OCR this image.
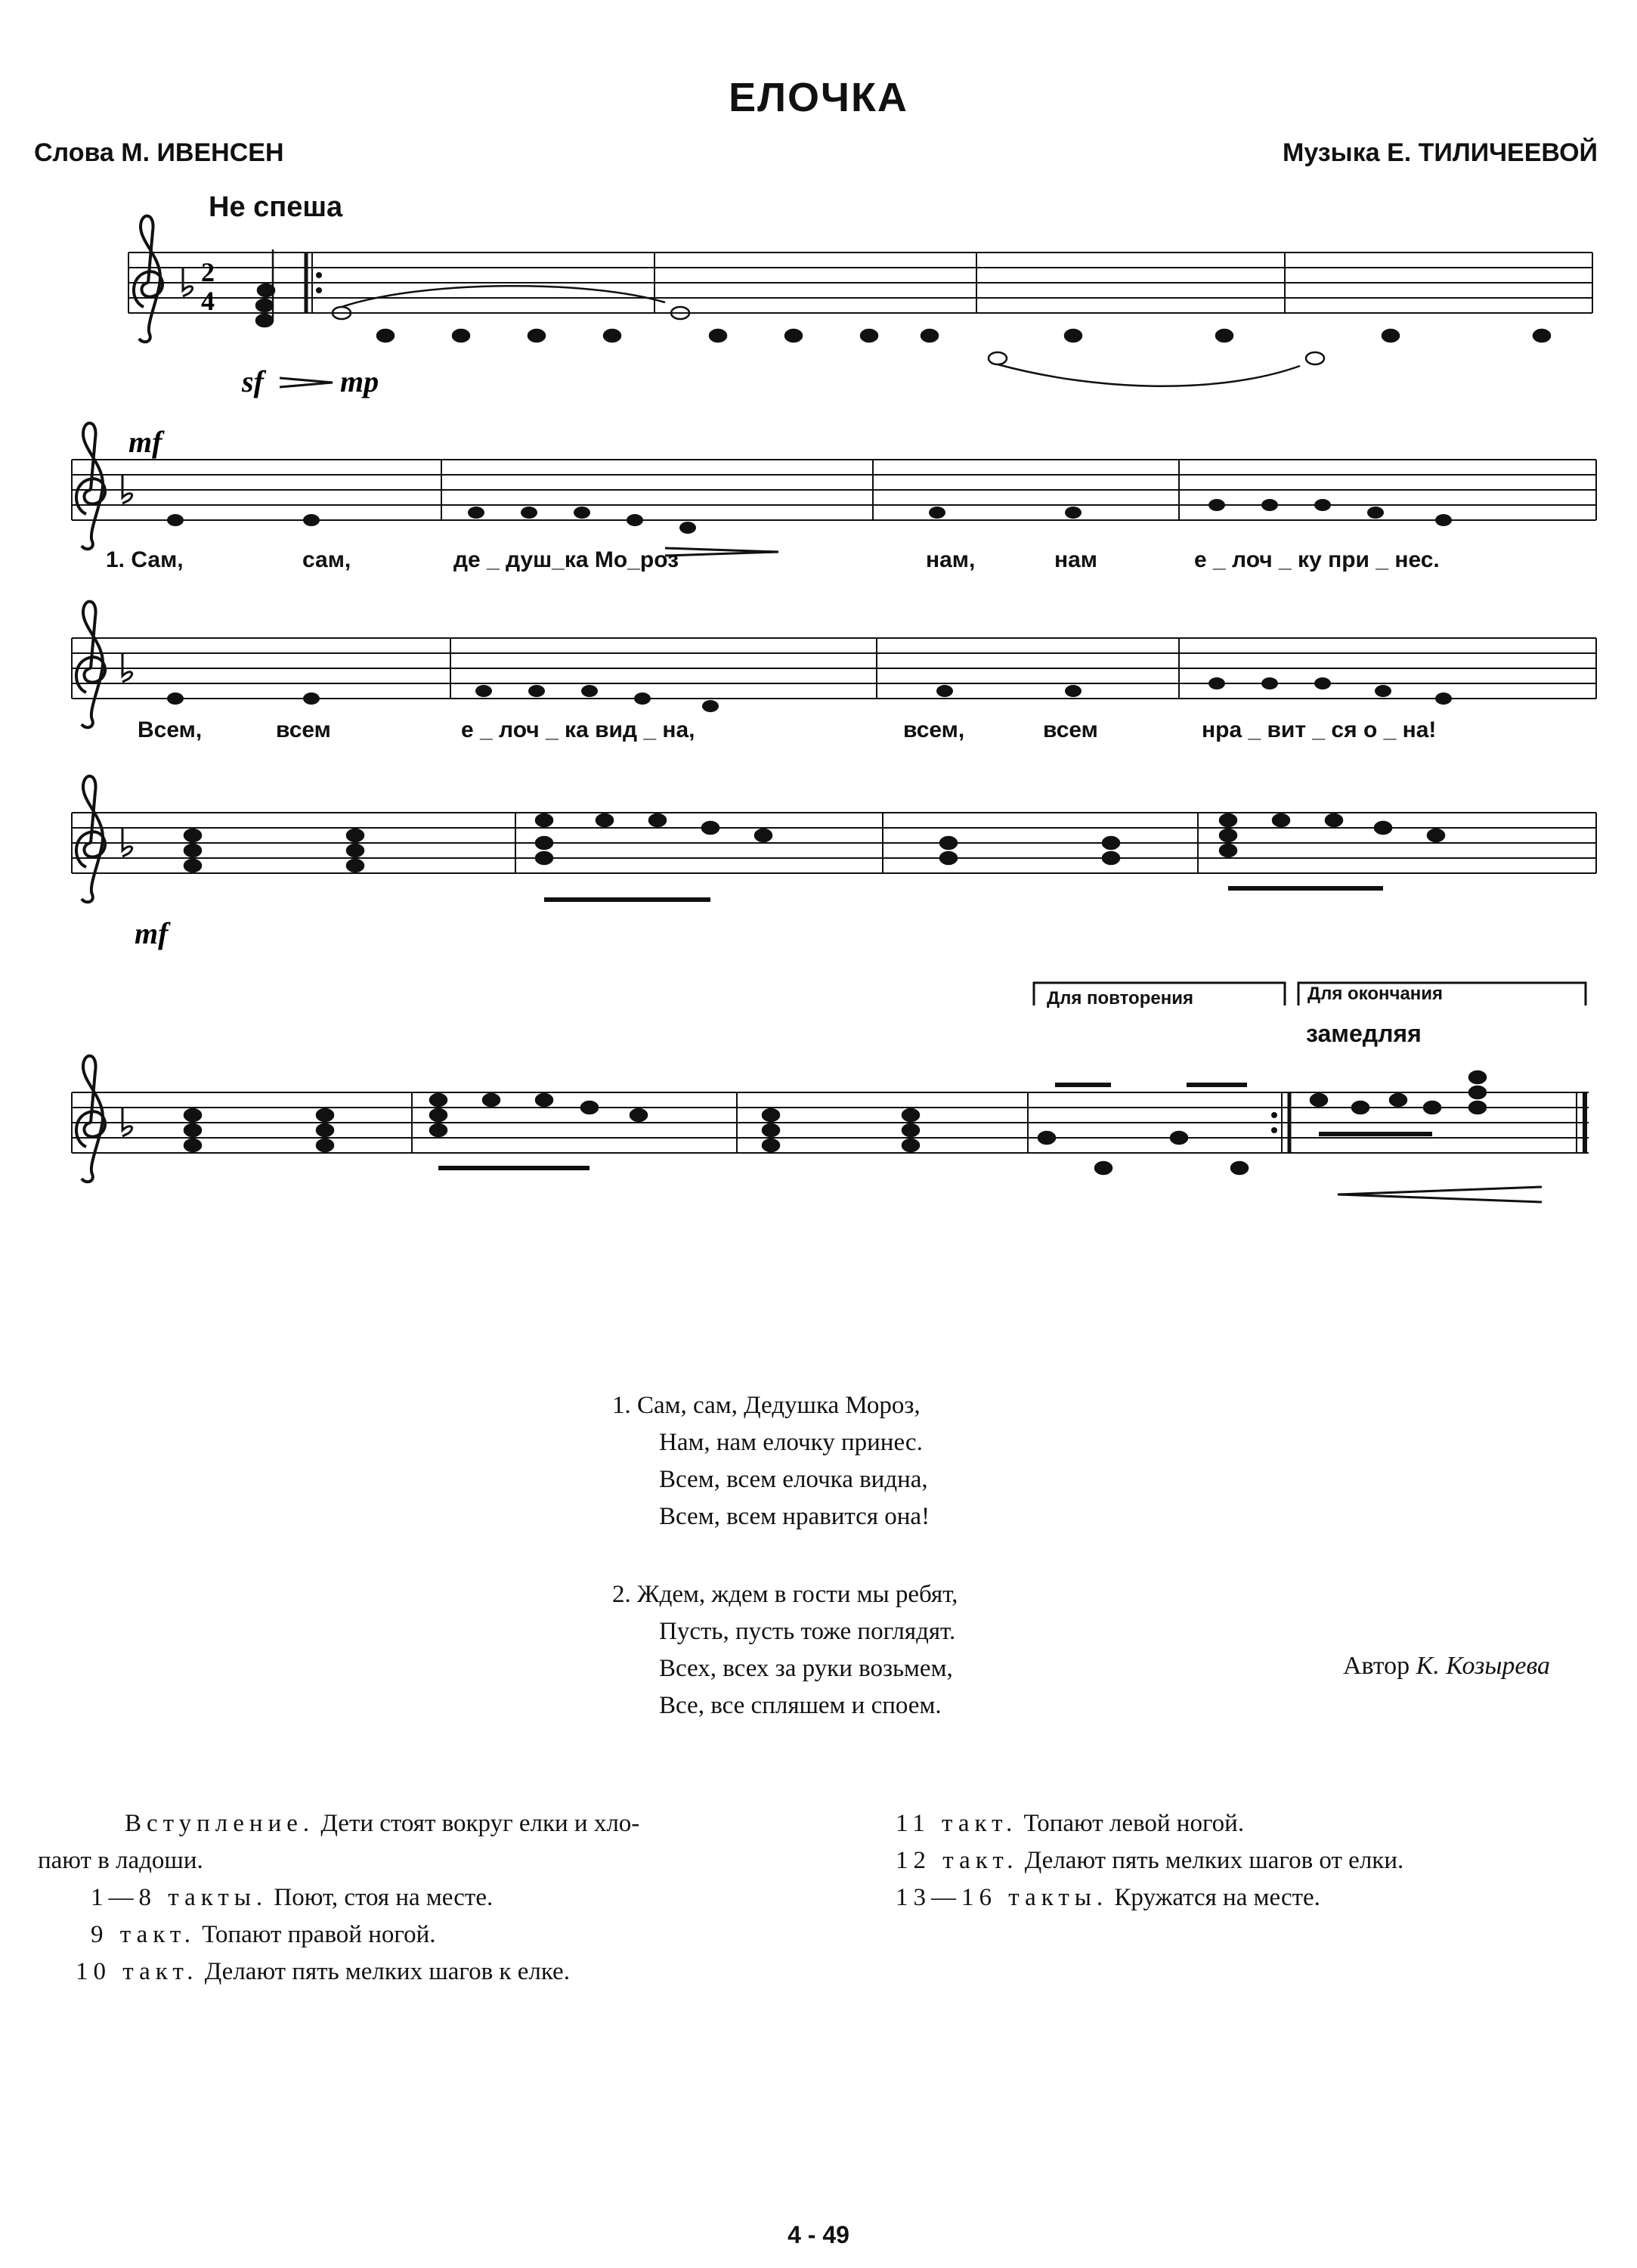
ЕЛОЧКА
Слова М. ИВЕНСЕН	Музыка Е. ТИЛИЧЕЕВОЙ
Не спеша
2
4
sf	mp
mf
1. Сам,	сам,	де _ душ_ка Мо_роз	нам,	нам	е _ лоч _ ку при _ нес.
Всем,	всем	е _ лоч _ ка вид _ на,	всем,	всем	нра _ вит _ ся о _ на!
mf
Для повторения	Для окончания
замедляя
1. Сам, сам, Дедушка Мороз,
Нам, нам елочку принес.
Всем, всем елочка видна,
Всем, всем нравится она!
2. Ждем, ждем в гости мы ребят,
Пусть, пусть тоже поглядят.
Всех, всех за руки возьмем,
Все, все спляшем и споем.
Вступление. Дети стоят вокруг елки и хло-
пают в ладоши.
1—8 такты. Поют, стоя на месте.
9 такт. Топают правой ногой.
10 такт. Делают пять мелких шагов к елке.
11 такт. Топают левой ногой.
12 такт. Делают пять мелких шагов от елки.
13—16 такты. Кружатся на месте.
Автор К. Козырева
4 - 49
